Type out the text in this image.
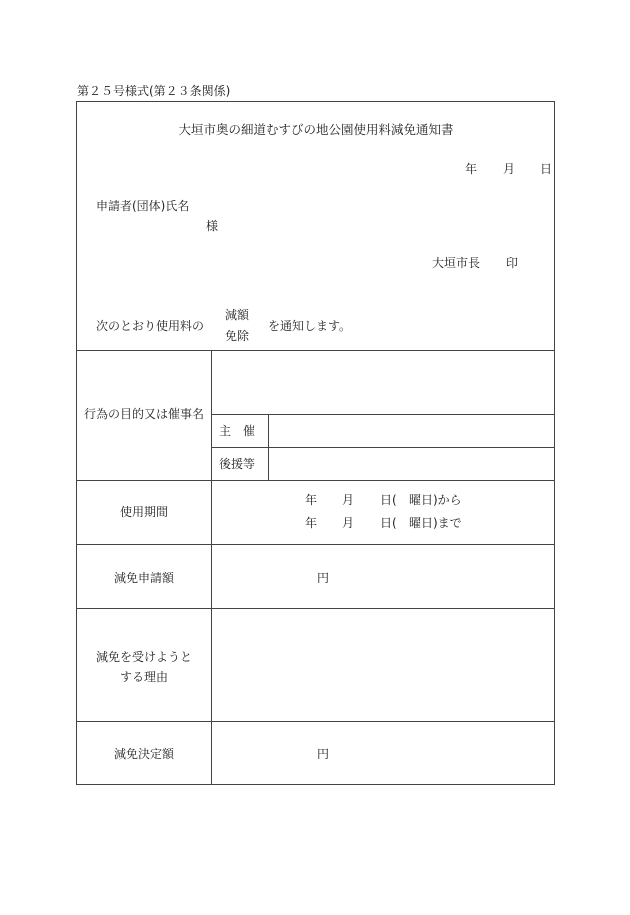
第２５号様式(第２３条関係)
大垣市奥の細道むすびの地公園使用料減免通知書
年 月 日
申請者(団体)氏名
様
大垣市長 印
次のとおり使用料の
減額
免除
を通知します。
行為の目的又は催事名
主　催
後援等
使用期間
年 月 日( 曜日)から
年 月 日( 曜日)まで
減免申請額	円
減免を受けようと
する理由
減免決定額	円
